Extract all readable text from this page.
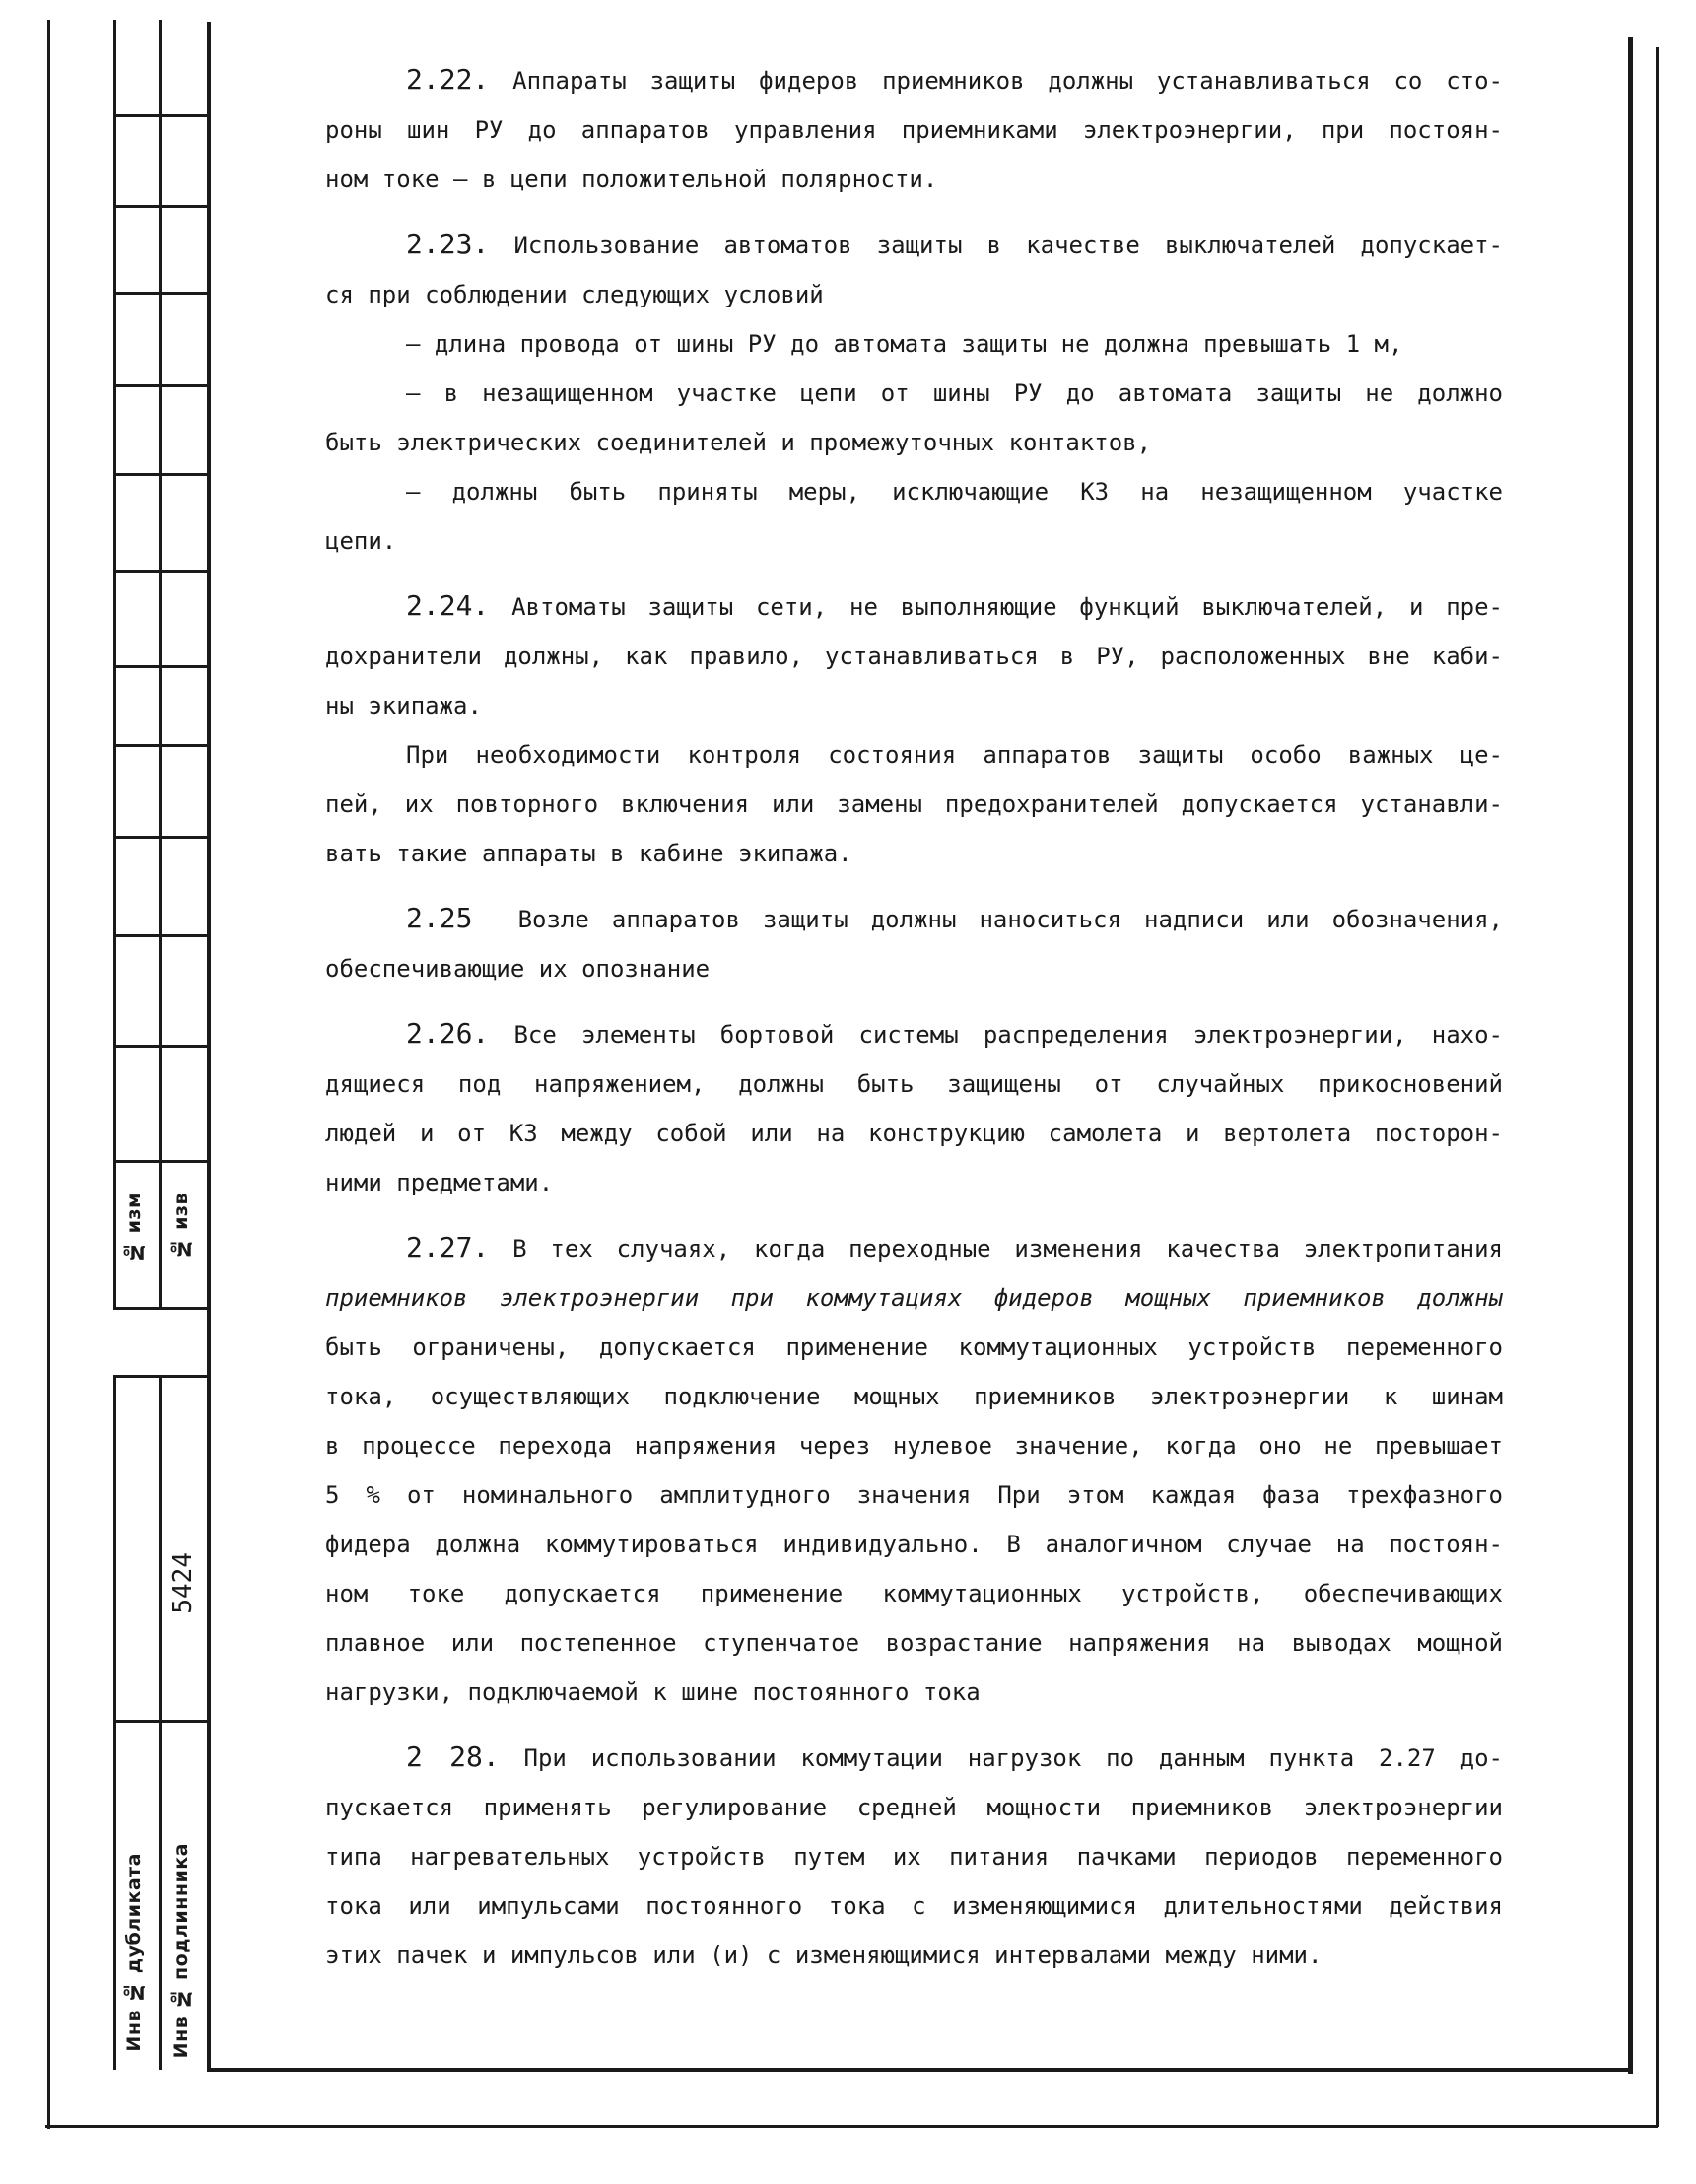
№ изм № изв
5424
Инв № дубликата Инв № подлинника

2.22. Аппараты защиты фидеров приемников должны устанавливаться со сто-
роны шин РУ до аппаратов управления приемниками электроэнергии, при постоян-
ном токе – в цепи положительной полярности.

2.23. Использование автоматов защиты в качестве выключателей допускает-
ся при соблюдении следующих условий

– длина провода от шины РУ до автомата защиты не должна превышать 1 м,

– в незащищенном участке цепи от шины РУ до автомата защиты не должно
быть электрических соединителей и промежуточных контактов,

– должны быть приняты меры, исключающие КЗ на незащищенном участке
цепи.

2.24. Автоматы защиты сети, не выполняющие функций выключателей, и пре-
дохранители должны, как правило, устанавливаться в РУ, расположенных вне каби-
ны экипажа.

При необходимости контроля состояния аппаратов защиты особо важных це-
пей, их повторного включения или замены предохранителей допускается устанавли-
вать такие аппараты в кабине экипажа.

2.25 Возле аппаратов защиты должны наноситься надписи или обозначения,
обеспечивающие их опознание

2.26. Все элементы бортовой системы распределения электроэнергии, нахо-
дящиеся под напряжением, должны быть защищены от случайных прикосновений
людей и от КЗ между собой или на конструкцию самолета и вертолета посторон-
ними предметами.

2.27. В тех случаях, когда переходные изменения качества электропитания
приемников электроэнергии при коммутациях фидеров мощных приемников должны
быть ограничены, допускается применение коммутационных устройств переменного
тока, осуществляющих подключение мощных приемников электроэнергии к шинам
в процессе перехода напряжения через нулевое значение, когда оно не превышает
5 % от номинального амплитудного значения При этом каждая фаза трехфазного
фидера должна коммутироваться индивидуально. В аналогичном случае на постоян-
ном токе допускается применение коммутационных устройств, обеспечивающих
плавное или постепенное ступенчатое возрастание напряжения на выводах мощной
нагрузки, подключаемой к шине постоянного тока

2 28. При использовании коммутации нагрузок по данным пункта 2.27 до-
пускается применять регулирование средней мощности приемников электроэнергии
типа нагревательных устройств путем их питания пачками периодов переменного
тока или импульсами постоянного тока с изменяющимися длительностями действия
этих пачек и импульсов или (и) с изменяющимися интервалами между ними.
